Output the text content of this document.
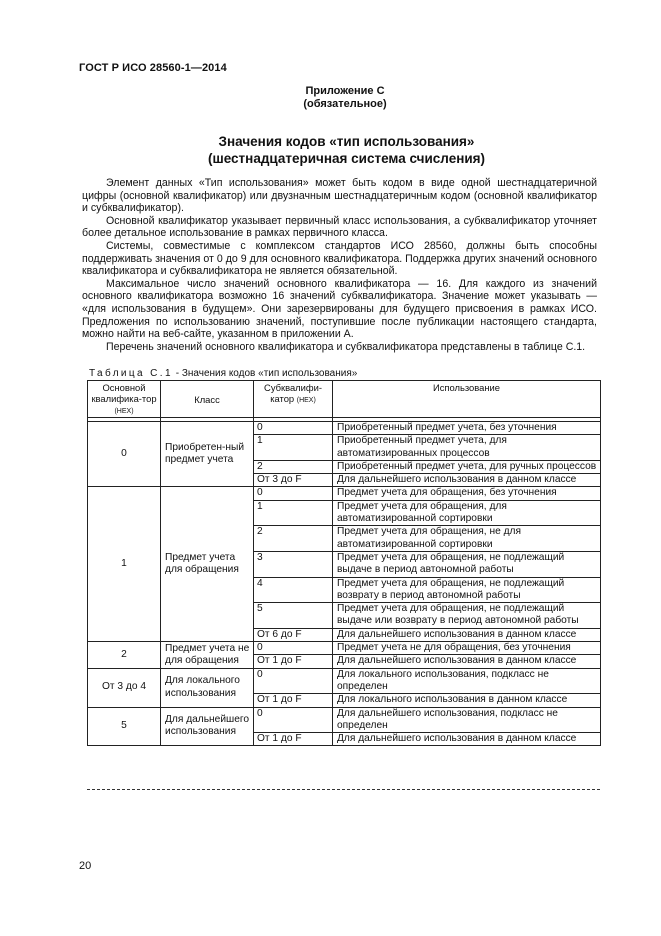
ГОСТ Р ИСО 28560-1—2014
Приложение С
(обязательное)
Значения кодов «тип использования»
(шестнадцатеричная система счисления)

Элемент данных «Тип использования» может быть кодом в виде одной шестнадцатеричной цифры (основной квалификатор) или двузначным шестнадцатеричным кодом (основной квалификатор и субквалификатор).

Основной квалификатор указывает первичный класс использования, а субквалификатор уточняет более детальное использование в рамках первичного класса.

Системы, совместимые с комплексом стандартов ИСО 28560, должны быть способны поддерживать значения от 0 до 9 для основного квалификатора. Поддержка других значений основного квалификатора и субквалификатора не является обязательной.

Максимальное число значений основного квалификатора — 16. Для каждого из значений основного квалификатора возможно 16 значений субквалификатора. Значение может указывать — «для использования в будущем». Они зарезервированы для будущего присвоения в рамках ИСО. Предложения по использованию значений, поступившие после публикации настоящего стандарта, можно найти на веб-сайте, указанном в приложении А.

Перечень значений основного квалификатора и субквалификатора представлены в таблице С.1.

Таблица С.1 - Значения кодов «тип использования»
Основной квалифика-тор (HEX)	Класс	Субквалифи-катор (HEX)	Использование

0	Приобретен-ный предмет учета	0	Приобретенный предмет учета, без уточнения
		1	Приобретенный предмет учета, для автоматизированных процессов
		2	Приобретенный предмет учета, для ручных процессов
		От 3 до F	Для дальнейшего использования в данном классе
1	Предмет учета для обращения	0	Предмет учета для обращения, без уточнения
		1	Предмет учета для обращения, для автоматизированной сортировки
		2	Предмет учета для обращения, не для автоматизированной сортировки
		3	Предмет учета для обращения, не подлежащий выдаче в период автономной работы
		4	Предмет учета для обращения, не подлежащий возврату в период автономной работы
		5	Предмет учета для обращения, не подлежащий выдаче или возврату в период автономной работы
		От 6 до F	Для дальнейшего использования в данном классе
2	Предмет учета не для обращения	0	Предмет учета не для обращения, без уточнения
		От 1 до F	Для дальнейшего использования в данном классе
От 3 до 4	Для локального использования	0	Для локального использования, подкласс не определен
		От 1 до F	Для локального использования в данном классе
5	Для дальнейшего использования	0	Для дальнейшего использования, подкласс не определен
		От 1 до F	Для дальнейшего использования в данном классе
20
